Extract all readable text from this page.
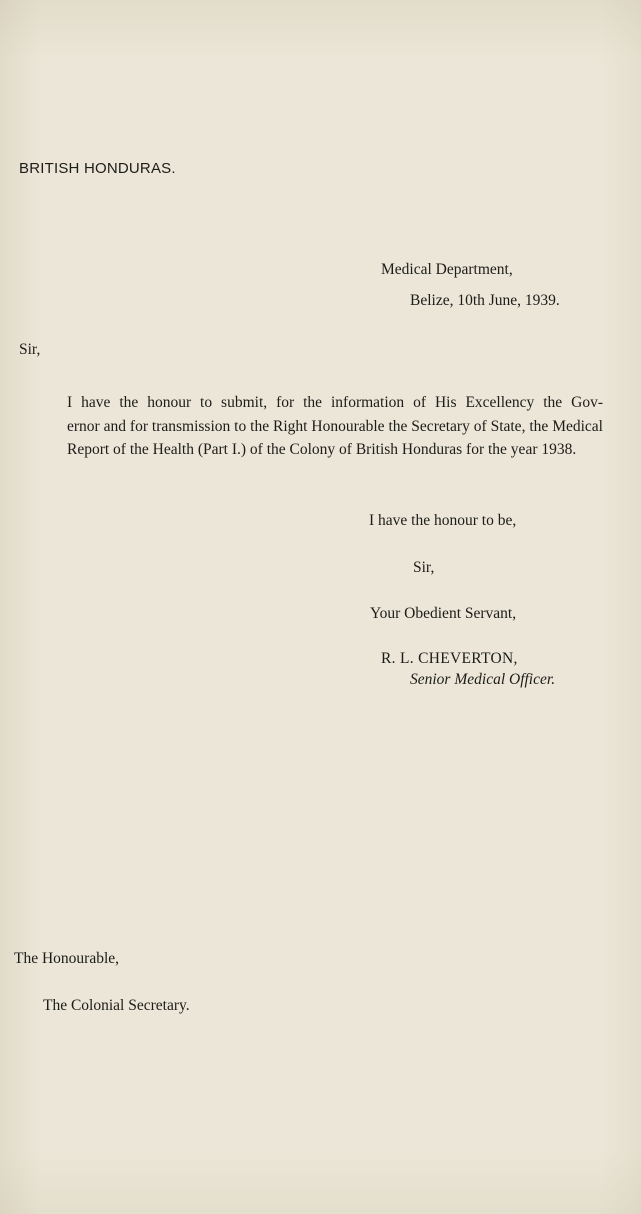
BRITISH HONDURAS.
Medical Department,
Belize, 10th June, 1939.
Sir,
I have the honour to submit, for the information of His Excellency the Gov-
ernor and for transmission to the Right Honourable the Secretary of State, the Medical
Report of the Health (Part I.) of the Colony of British Honduras for the year 1938.
I have the honour to be,
Sir,
Your Obedient Servant,
R. L. CHEVERTON,
Senior Medical Officer.
The Honourable,
The Colonial Secretary.
